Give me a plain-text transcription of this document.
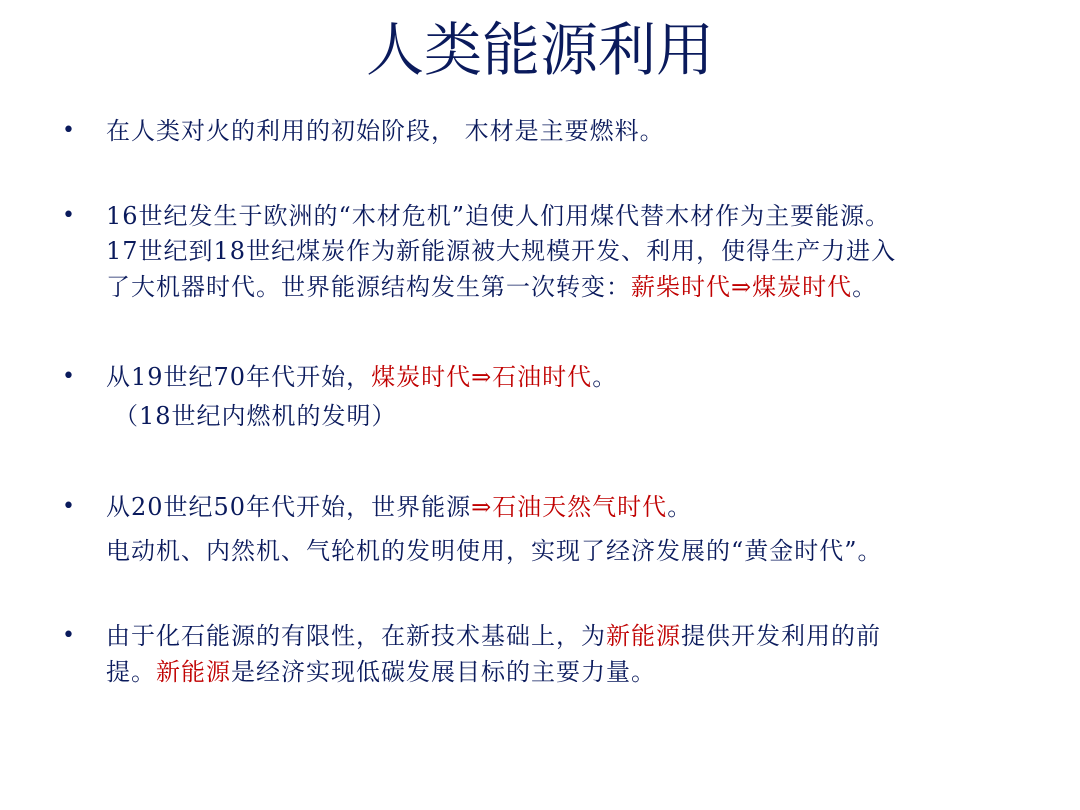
人类能源利用
• 在人类对火的利用的初始阶段， 木材是主要燃料。
• 16世纪发生于欧洲的“木材危机”迫使人们用煤代替木材作为主要能源。
17世纪到18世纪煤炭作为新能源被大规模开发、利用，使得生产力进入
了大机器时代。世界能源结构发生第一次转变：薪柴时代⇒煤炭时代。
• 从19世纪70年代开始，煤炭时代⇒石油时代。
（18世纪内燃机的发明）
• 从20世纪50年代开始，世界能源⇒石油天然气时代。
电动机、内然机、气轮机的发明使用，实现了经济发展的“黄金时代”。
• 由于化石能源的有限性，在新技术基础上，为新能源提供开发利用的前
提。新能源是经济实现低碳发展目标的主要力量。
